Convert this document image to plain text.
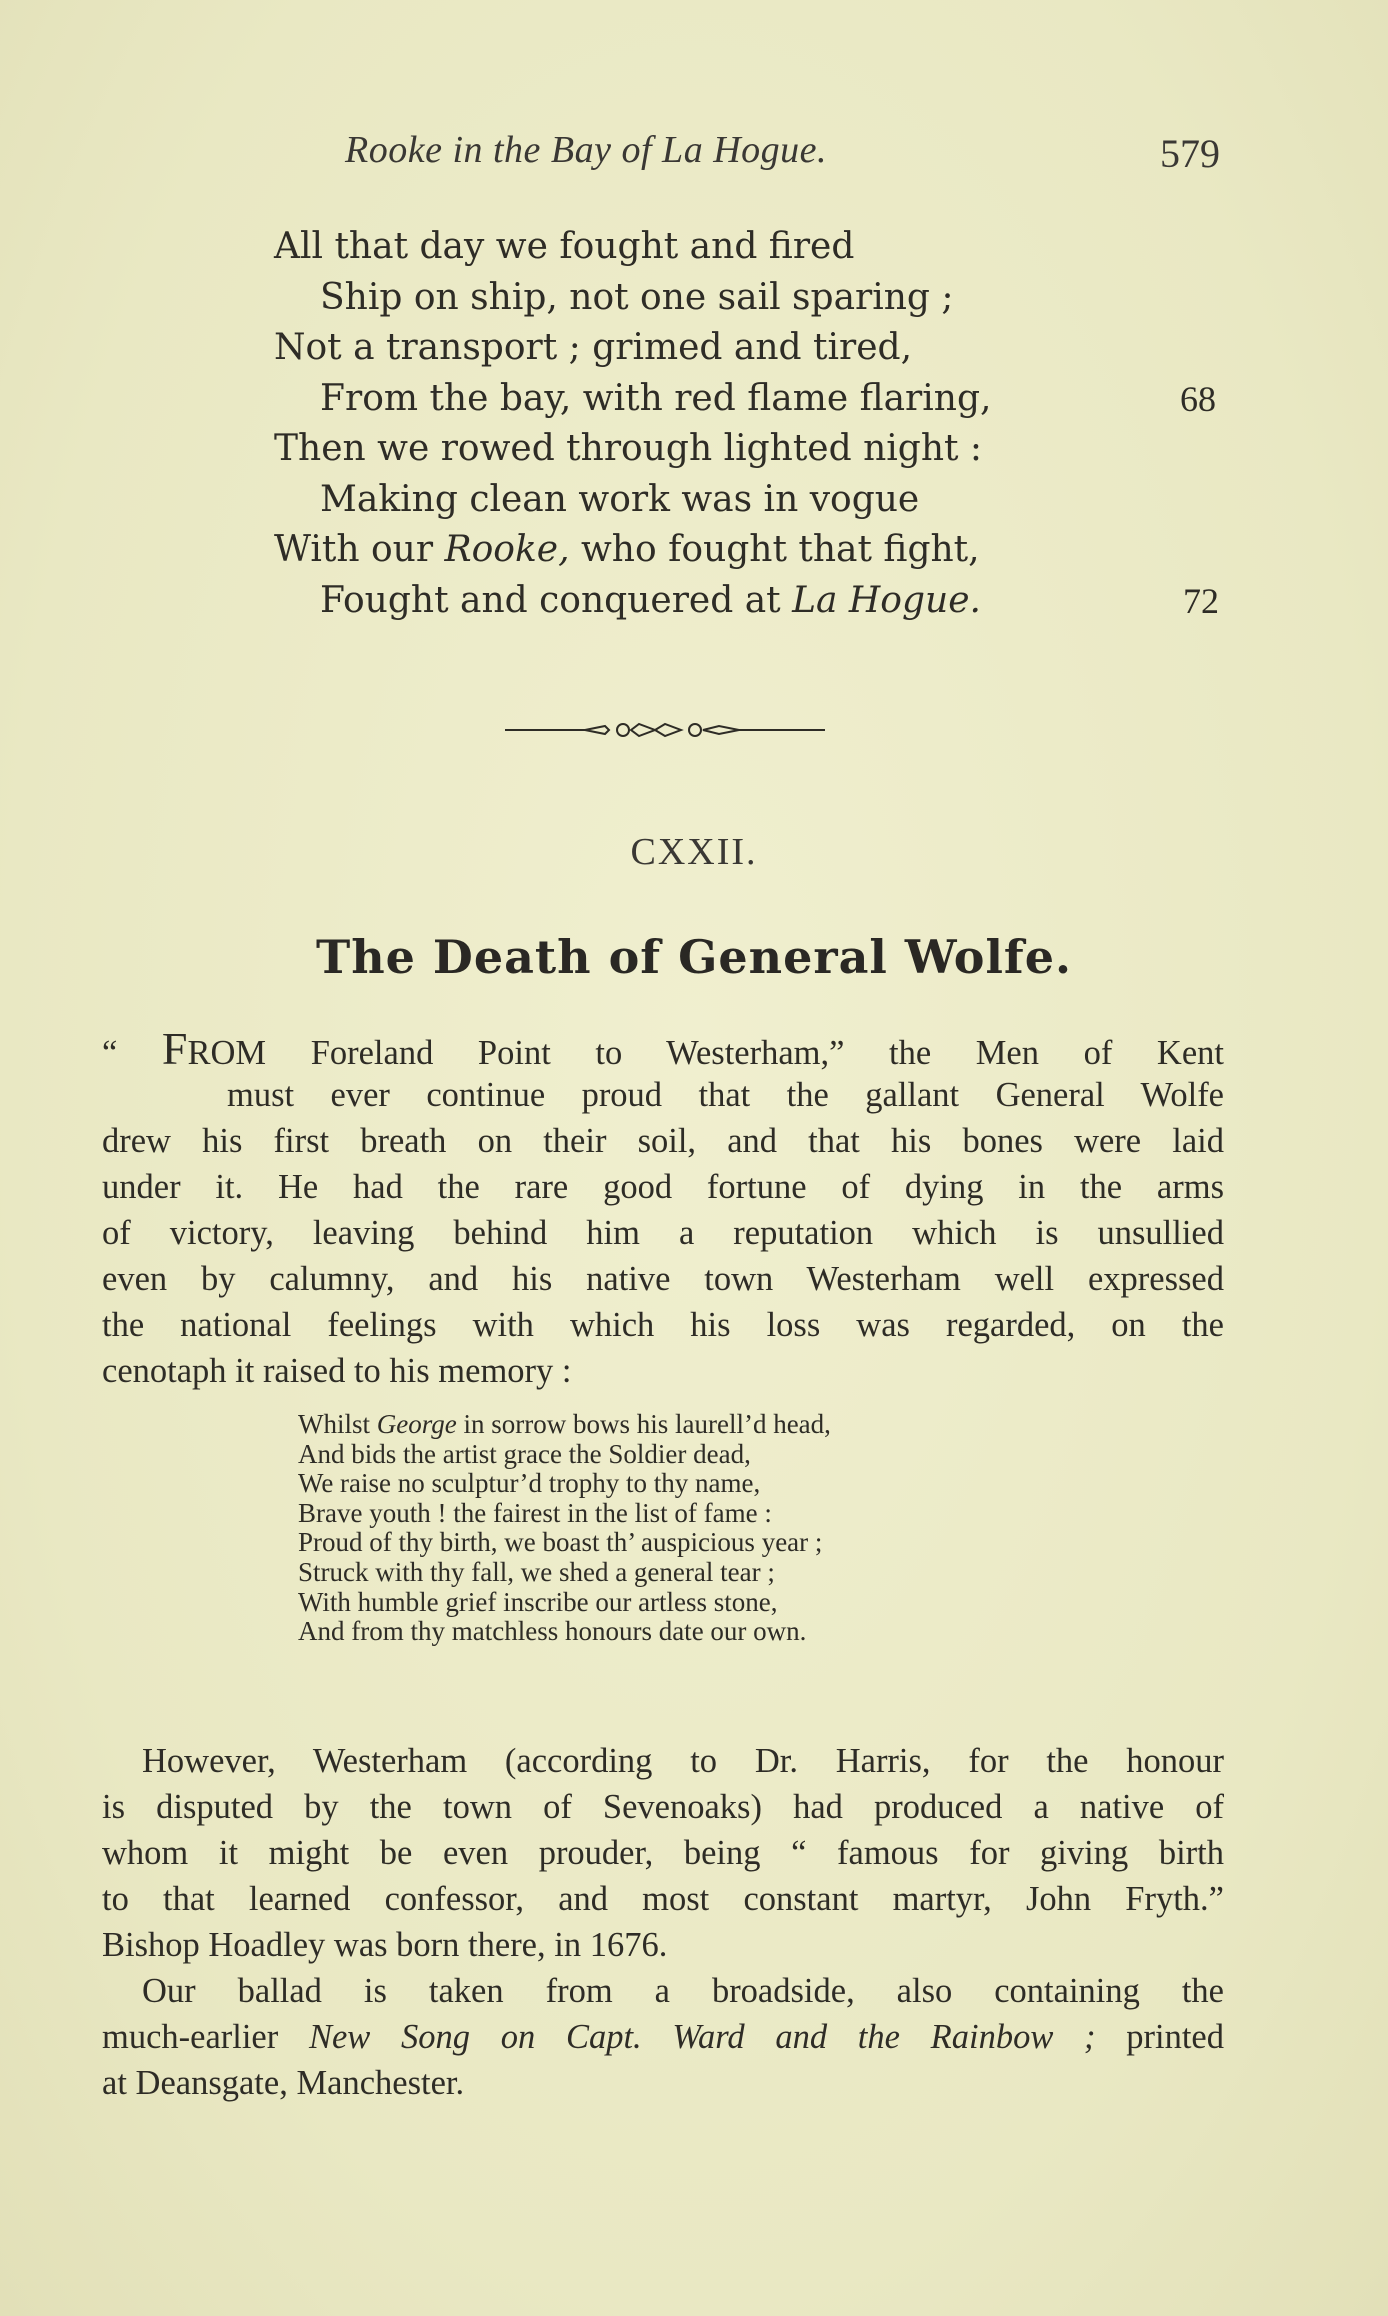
Rooke in the Bay of La Hogue.	579
All that day we fought and fired
Ship on ship, not one sail sparing ;
Not a transport ; grimed and tired,
From the bay, with red flame flaring,	68
Then we rowed through lighted night :
Making clean work was in vogue
With our Rooke, who fought that fight,
Fought and conquered at La Hogue.	72
CXXII.
The Death of General Wolfe.
“ FROM Foreland Point to Westerham,” the Men of Kent
must ever continue proud that the gallant General Wolfe
drew his first breath on their soil, and that his bones were laid
under it. He had the rare good fortune of dying in the arms
of victory, leaving behind him a reputation which is unsullied
even by calumny, and his native town Westerham well expressed
the national feelings with which his loss was regarded, on the
cenotaph it raised to his memory :
Whilst George in sorrow bows his laurell’d head,
And bids the artist grace the Soldier dead,
We raise no sculptur’d trophy to thy name,
Brave youth ! the fairest in the list of fame :
Proud of thy birth, we boast th’ auspicious year ;
Struck with thy fall, we shed a general tear ;
With humble grief inscribe our artless stone,
And from thy matchless honours date our own.
However, Westerham (according to Dr. Harris, for the honour
is disputed by the town of Sevenoaks) had produced a native of
whom it might be even prouder, being “ famous for giving birth
to that learned confessor, and most constant martyr, John Fryth.”
Bishop Hoadley was born there, in 1676.
Our ballad is taken from a broadside, also containing the
much-earlier New Song on Capt. Ward and the Rainbow ; printed
at Deansgate, Manchester.
